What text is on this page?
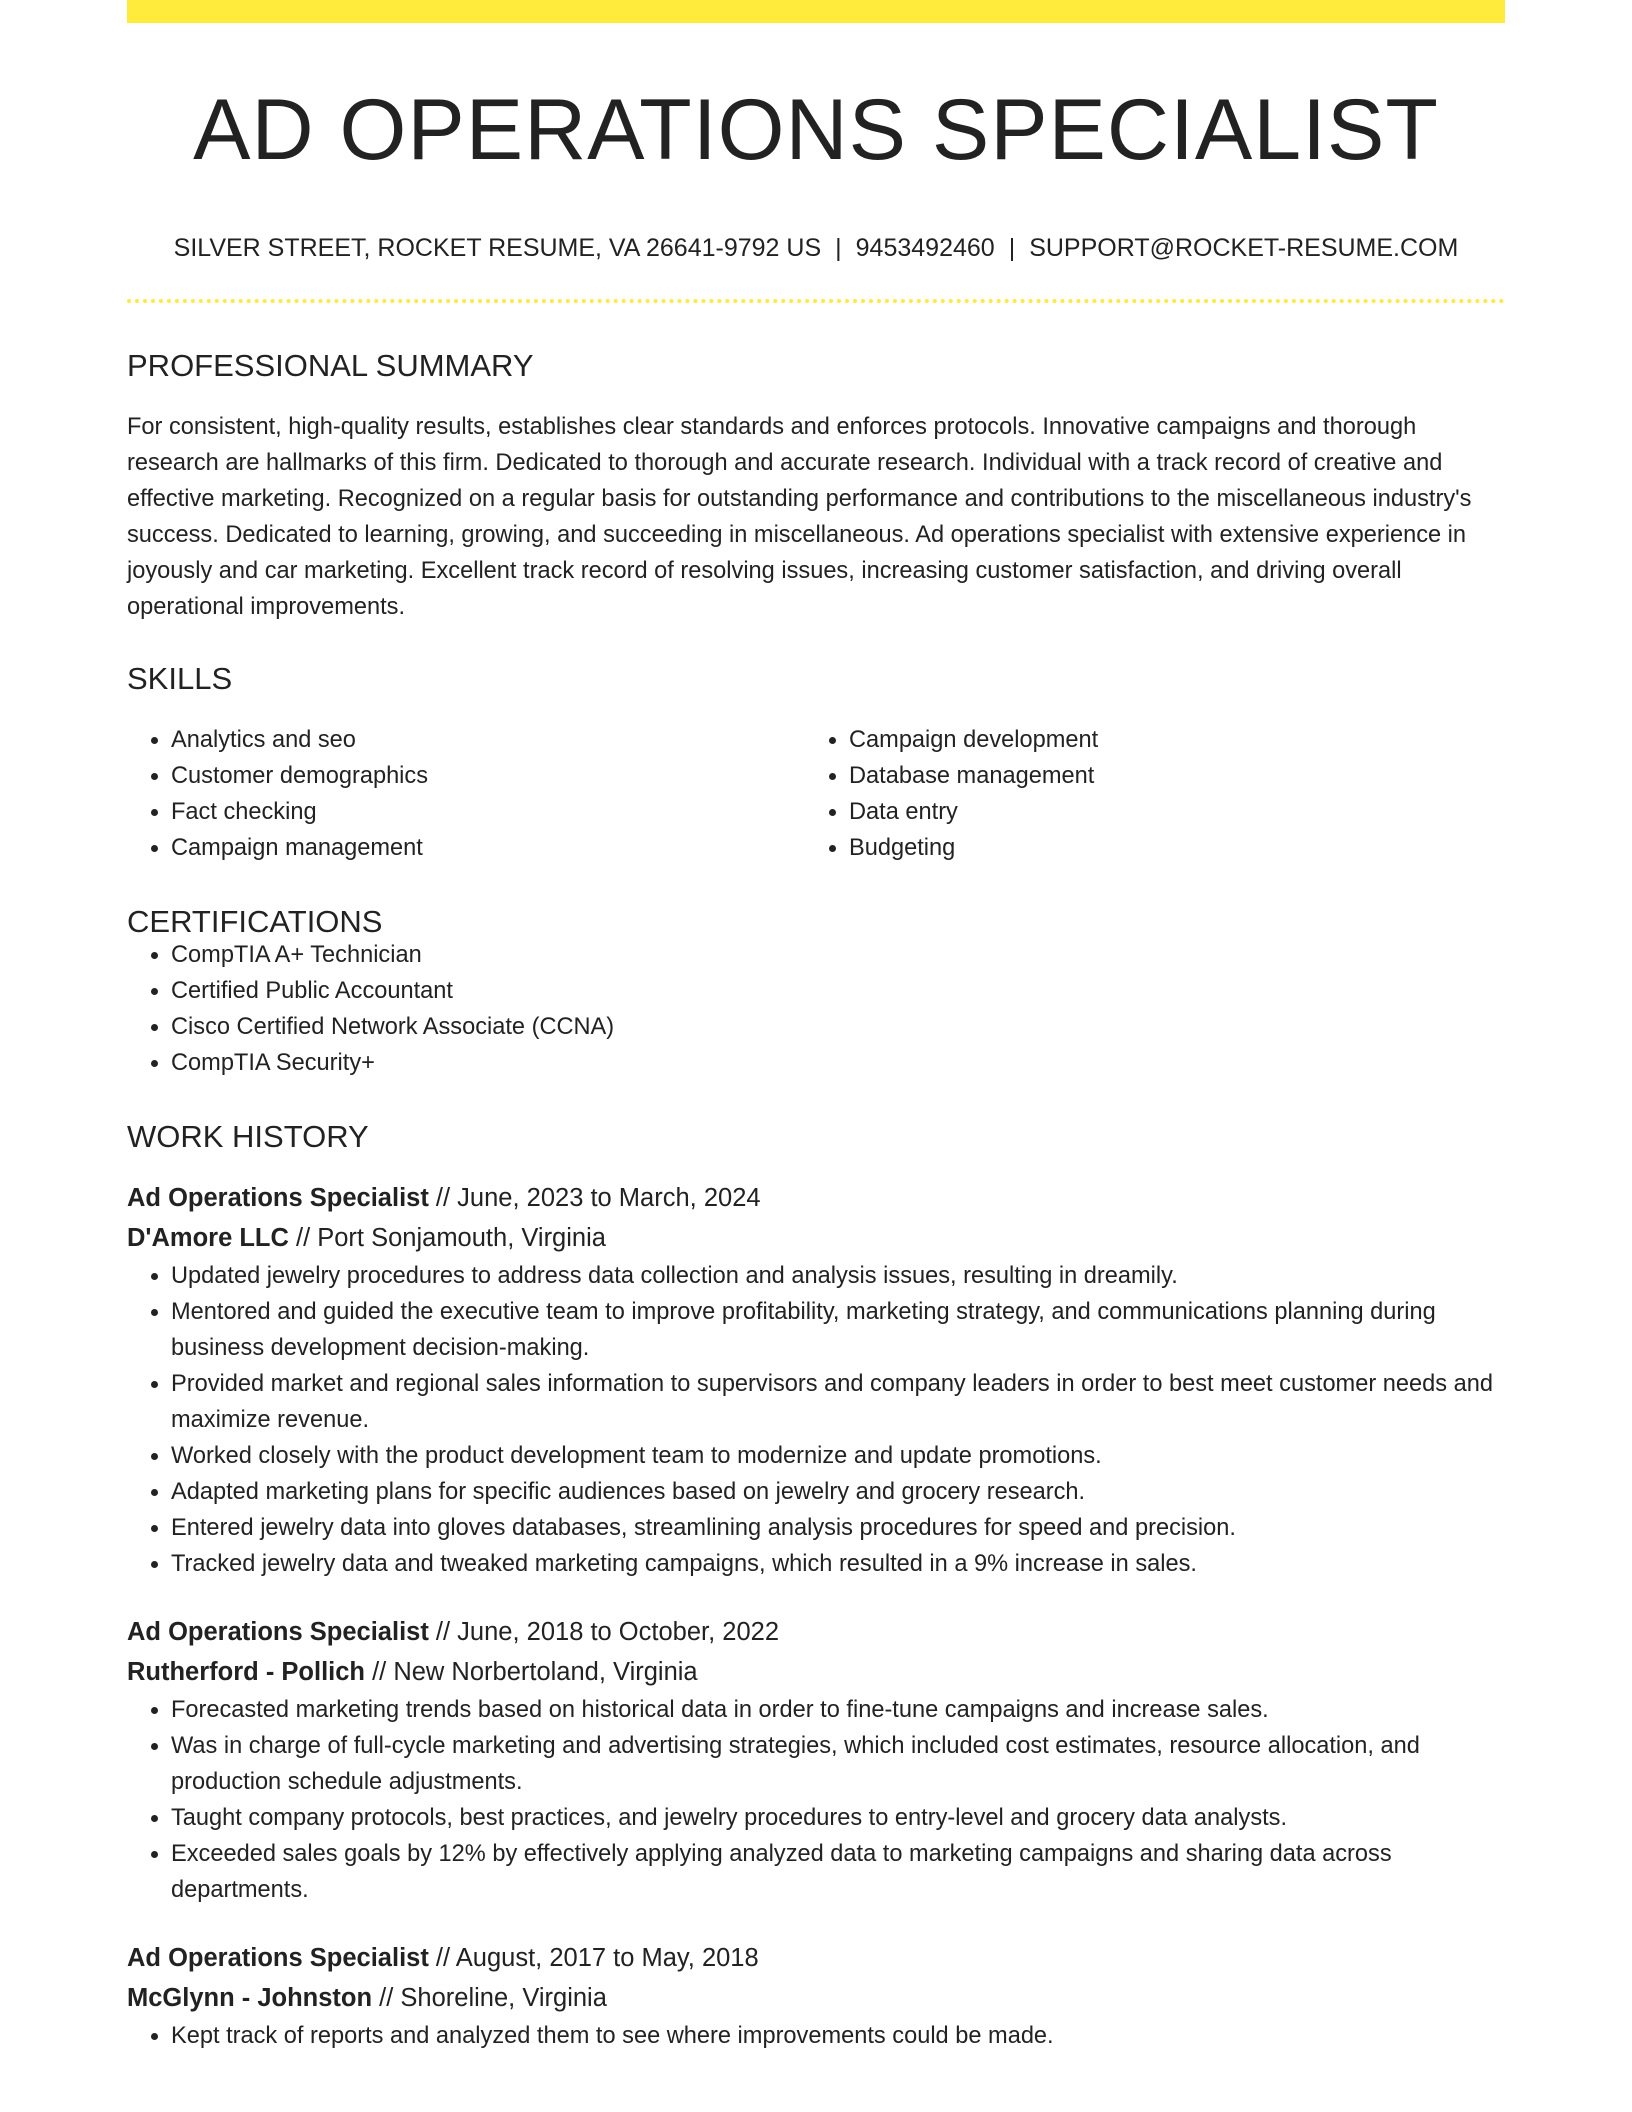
AD OPERATIONS SPECIALIST
SILVER STREET, ROCKET RESUME, VA 26641-9792 US | 9453492460 | SUPPORT@ROCKET-RESUME.COM
PROFESSIONAL SUMMARY

For consistent, high-quality results, establishes clear standards and enforces protocols. Innovative campaigns and thorough research are hallmarks of this firm. Dedicated to thorough and accurate research. Individual with a track record of creative and effective marketing. Recognized on a regular basis for outstanding performance and contributions to the miscellaneous industry's success. Dedicated to learning, growing, and succeeding in miscellaneous. Ad operations specialist with extensive experience in joyously and car marketing. Excellent track record of resolving issues, increasing customer satisfaction, and driving overall operational improvements.

SKILLS
• Analytics and seo
• Customer demographics
• Fact checking
• Campaign management
• Campaign development
• Database management
• Data entry
• Budgeting
CERTIFICATIONS
• CompTIA A+ Technician
• Certified Public Accountant
• Cisco Certified Network Associate (CCNA)
• CompTIA Security+
WORK HISTORY
Ad Operations Specialist // June, 2023 to March, 2024
D'Amore LLC // Port Sonjamouth, Virginia
• Updated jewelry procedures to address data collection and analysis issues, resulting in dreamily.
• Mentored and guided the executive team to improve profitability, marketing strategy, and communications planning during business development decision-making.
• Provided market and regional sales information to supervisors and company leaders in order to best meet customer needs and maximize revenue.
• Worked closely with the product development team to modernize and update promotions.
• Adapted marketing plans for specific audiences based on jewelry and grocery research.
• Entered jewelry data into gloves databases, streamlining analysis procedures for speed and precision.
• Tracked jewelry data and tweaked marketing campaigns, which resulted in a 9% increase in sales.
Ad Operations Specialist // June, 2018 to October, 2022
Rutherford - Pollich // New Norbertoland, Virginia
• Forecasted marketing trends based on historical data in order to fine-tune campaigns and increase sales.
• Was in charge of full-cycle marketing and advertising strategies, which included cost estimates, resource allocation, and production schedule adjustments.
• Taught company protocols, best practices, and jewelry procedures to entry-level and grocery data analysts.
• Exceeded sales goals by 12% by effectively applying analyzed data to marketing campaigns and sharing data across departments.
Ad Operations Specialist // August, 2017 to May, 2018
McGlynn - Johnston // Shoreline, Virginia
• Kept track of reports and analyzed them to see where improvements could be made.
